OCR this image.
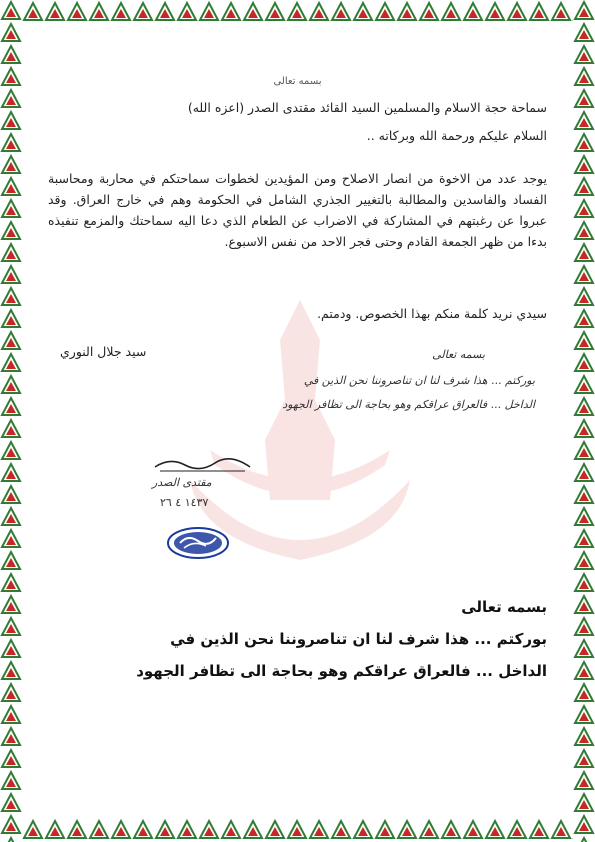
بسمه تعالى
سماحة حجة الاسلام والمسلمين السيد القائد مقتدى الصدر (اعزه الله)
السلام عليكم ورحمة الله وبركاته ..
يوجد عدد من الاخوة من انصار الاصلاح ومن المؤيدين لخطوات سماحتكم في محاربة ومحاسبة الفساد والفاسدين والمطالبة بالتغيير الجذري الشامل في الحكومة وهم في خارج العراق. وقد عبروا عن رغبتهم في المشاركة في الاضراب عن الطعام الذي دعا اليه سماحتك والمزمع تنفيذه بدءا من ظهر الجمعة القادم وحتى فجر الاحد من نفس الاسبوع.
سيدي نريد كلمة منكم بهذا الخصوص. ودمتم.
سيد جلال النوري	بسمه تعالى
بوركتم ... هذا شرف لنا ان تناصروننا نحن الذين في
الداخل ... فالعراق عراقكم وهو بحاجة الى تظافر الجهود
مقتدى الصدر
١٤٣٧ ٤ ٢٦
بسمه تعالى
بوركتم ... هذا شرف لنا ان تناصروننا نحن الذين في
الداخل ... فالعراق عراقكم وهو بحاجة الى تظافر الجهود
